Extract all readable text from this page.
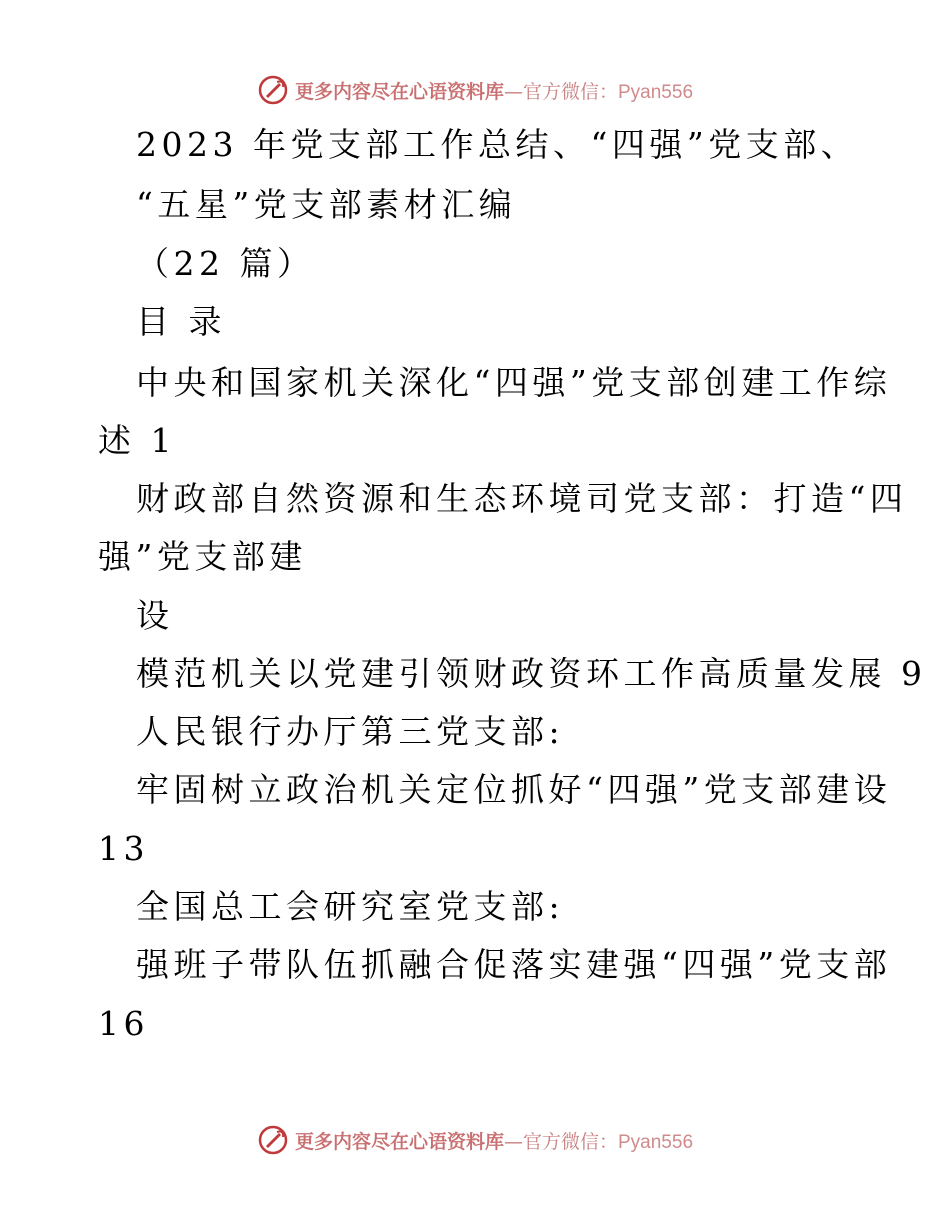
更多内容尽在心语资料库—官方微信：Pyan556
2023 年党支部工作总结、“四强”党支部、
“五星”党支部素材汇编
（22 篇）
目 录
中央和国家机关深化“四强”党支部创建工作综
述 1
财政部自然资源和生态环境司党支部：打造“四
强”党支部建
设
模范机关以党建引领财政资环工作高质量发展 9
人民银行办厅第三党支部:
牢固树立政治机关定位抓好“四强”党支部建设
13
全国总工会研究室党支部:
强班子带队伍抓融合促落实建强“四强”党支部
16
更多内容尽在心语资料库—官方微信：Pyan556
